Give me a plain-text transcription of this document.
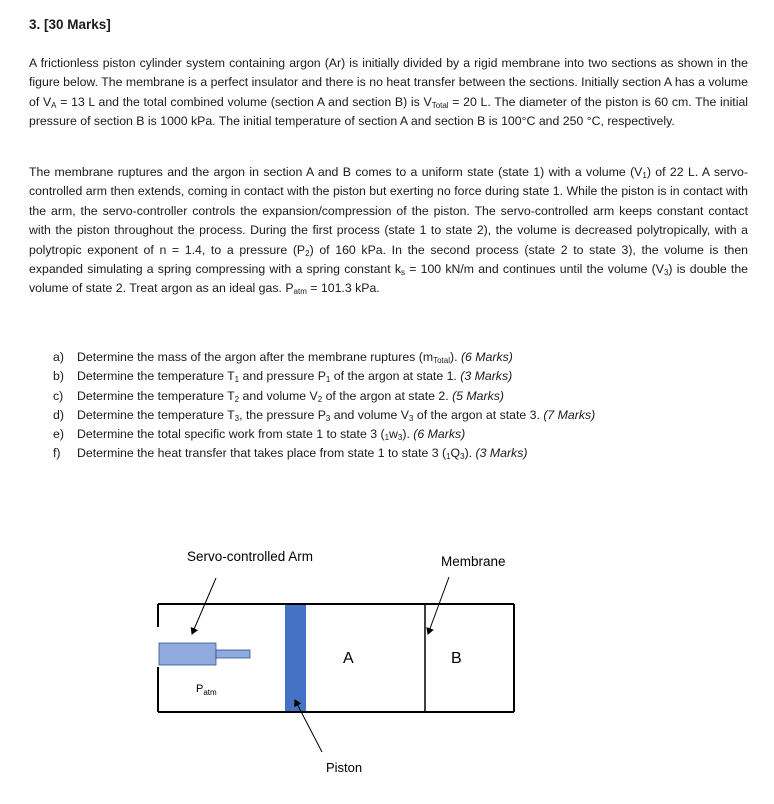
3. [30 Marks]
A frictionless piston cylinder system containing argon (Ar) is initially divided by a rigid membrane into two sections as shown in the figure below. The membrane is a perfect insulator and there is no heat transfer between the sections. Initially section A has a volume of $V_A = 13$ L and the total combined volume (section A and section B) is $V_{Total} = 20$ L. The diameter of the piston is 60 cm. The initial pressure of section B is 1000 kPa. The initial temperature of section A and section B is 100°C and 250 °C, respectively.
The membrane ruptures and the argon in section A and B comes to a uniform state (state 1) with a volume $(V_1)$ of 22 L. A servo-controlled arm then extends, coming in contact with the piston but exerting no force during state 1. While the piston is in contact with the arm, the servo-controller controls the expansion/compression of the piston. The servo-controlled arm keeps constant contact with the piston throughout the process. During the first process (state 1 to state 2), the volume is decreased polytropically, with a polytropic exponent of n = 1.4, to a pressure $(P_2)$ of 160 kPa. In the second process (state 2 to state 3), the volume is then expanded simulating a spring compressing with a spring constant $k_s = 100$ kN/m and continues until the volume $(V_3)$ is double the volume of state 2. Treat argon as an ideal gas. $P_{atm} = 101.3$ kPa.
a) Determine the mass of the argon after the membrane ruptures $(m_{Total})$. (6 Marks)
b) Determine the temperature $T_1$ and pressure $P_1$ of the argon at state 1. (3 Marks)
c) Determine the temperature $T_2$ and volume $V_2$ of the argon at state 2. (5 Marks)
d) Determine the temperature $T_3$, the pressure $P_3$ and volume $V_3$ of the argon at state 3. (7 Marks)
e) Determine the total specific work from state 1 to state 3 $(_1w_3)$. (6 Marks)
f) Determine the heat transfer that takes place from state 1 to state 3 $(_1Q_3)$. (3 Marks)
Servo-controlled Arm	Membrane
A	B
$P_{atm}$
Piston
